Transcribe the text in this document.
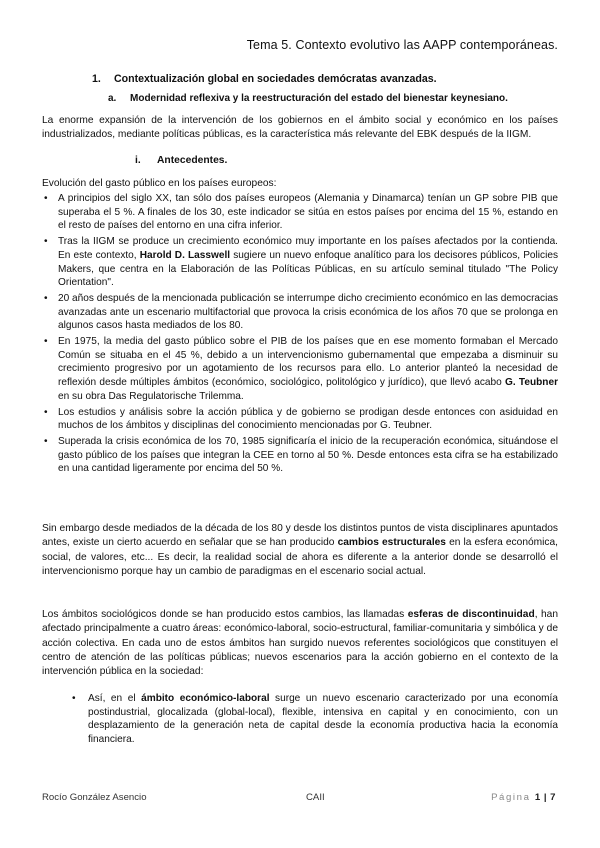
Tema 5. Contexto evolutivo las AAPP contemporáneas.
1. Contextualización global en sociedades demócratas avanzadas.
a. Modernidad reflexiva y la reestructuración del estado del bienestar keynesiano.
La enorme expansión de la intervención de los gobiernos en el ámbito social y económico en los países industrializados, mediante políticas públicas, es la característica más relevante del EBK después de la IIGM.
i. Antecedentes.
Evolución del gasto público en los países europeos:
• A principios del siglo XX, tan sólo dos países europeos (Alemania y Dinamarca) tenían un GP sobre PIB que superaba el 5 %. A finales de los 30, este indicador se sitúa en estos países por encima del 15 %, estando en el resto de países del entorno en una cifra inferior.
• Tras la IIGM se produce un crecimiento económico muy importante en los países afectados por la contienda. En este contexto, Harold D. Lasswell sugiere un nuevo enfoque analítico para los decisores públicos, Policies Makers, que centra en la Elaboración de las Políticas Públicas, en su artículo seminal titulado "The Policy Orientation".
• 20 años después de la mencionada publicación se interrumpe dicho crecimiento económico en las democracias avanzadas ante un escenario multifactorial que provoca la crisis económica de los años 70 que se prolonga en algunos casos hasta mediados de los 80.
• En 1975, la media del gasto público sobre el PIB de los países que en ese momento formaban el Mercado Común se situaba en el 45 %, debido a un intervencionismo gubernamental que empezaba a disminuir su crecimiento progresivo por un agotamiento de los recursos para ello. Lo anterior planteó la necesidad de reflexión desde múltiples ámbitos (económico, sociológico, politológico y jurídico), que llevó acabo G. Teubner en su obra Das Regulatorische Trilemma.
• Los estudios y análisis sobre la acción pública y de gobierno se prodigan desde entonces con asiduidad en muchos de los ámbitos y disciplinas del conocimiento mencionadas por G. Teubner.
• Superada la crisis económica de los 70, 1985 significaría el inicio de la recuperación económica, situándose el gasto público de los países que integran la CEE en torno al 50 %. Desde entonces esta cifra se ha estabilizado en una cantidad ligeramente por encima del 50 %.
Sin embargo desde mediados de la década de los 80 y desde los distintos puntos de vista disciplinares apuntados antes, existe un cierto acuerdo en señalar que se han producido cambios estructurales en la esfera económica, social, de valores, etc... Es decir, la realidad social de ahora es diferente a la anterior donde se desarrolló el intervencionismo porque hay un cambio de paradigmas en el escenario social actual.
Los ámbitos sociológicos donde se han producido estos cambios, las llamadas esferas de discontinuidad, han afectado principalmente a cuatro áreas: económico-laboral, socio-estructural, familiar-comunitaria y simbólica y de acción colectiva. En cada uno de estos ámbitos han surgido nuevos referentes sociológicos que constituyen el centro de atención de las políticas públicas; nuevos escenarios para la acción gobierno en el contexto de la intervención pública en la sociedad:
• Así, en el ámbito económico-laboral surge un nuevo escenario caracterizado por una economía postindustrial, glocalizada (global-local), flexible, intensiva en capital y en conocimiento, con un desplazamiento de la generación neta de capital desde la economía productiva hacia la economía financiera.
Rocío González Asencio	CAII	Página 1 | 7
